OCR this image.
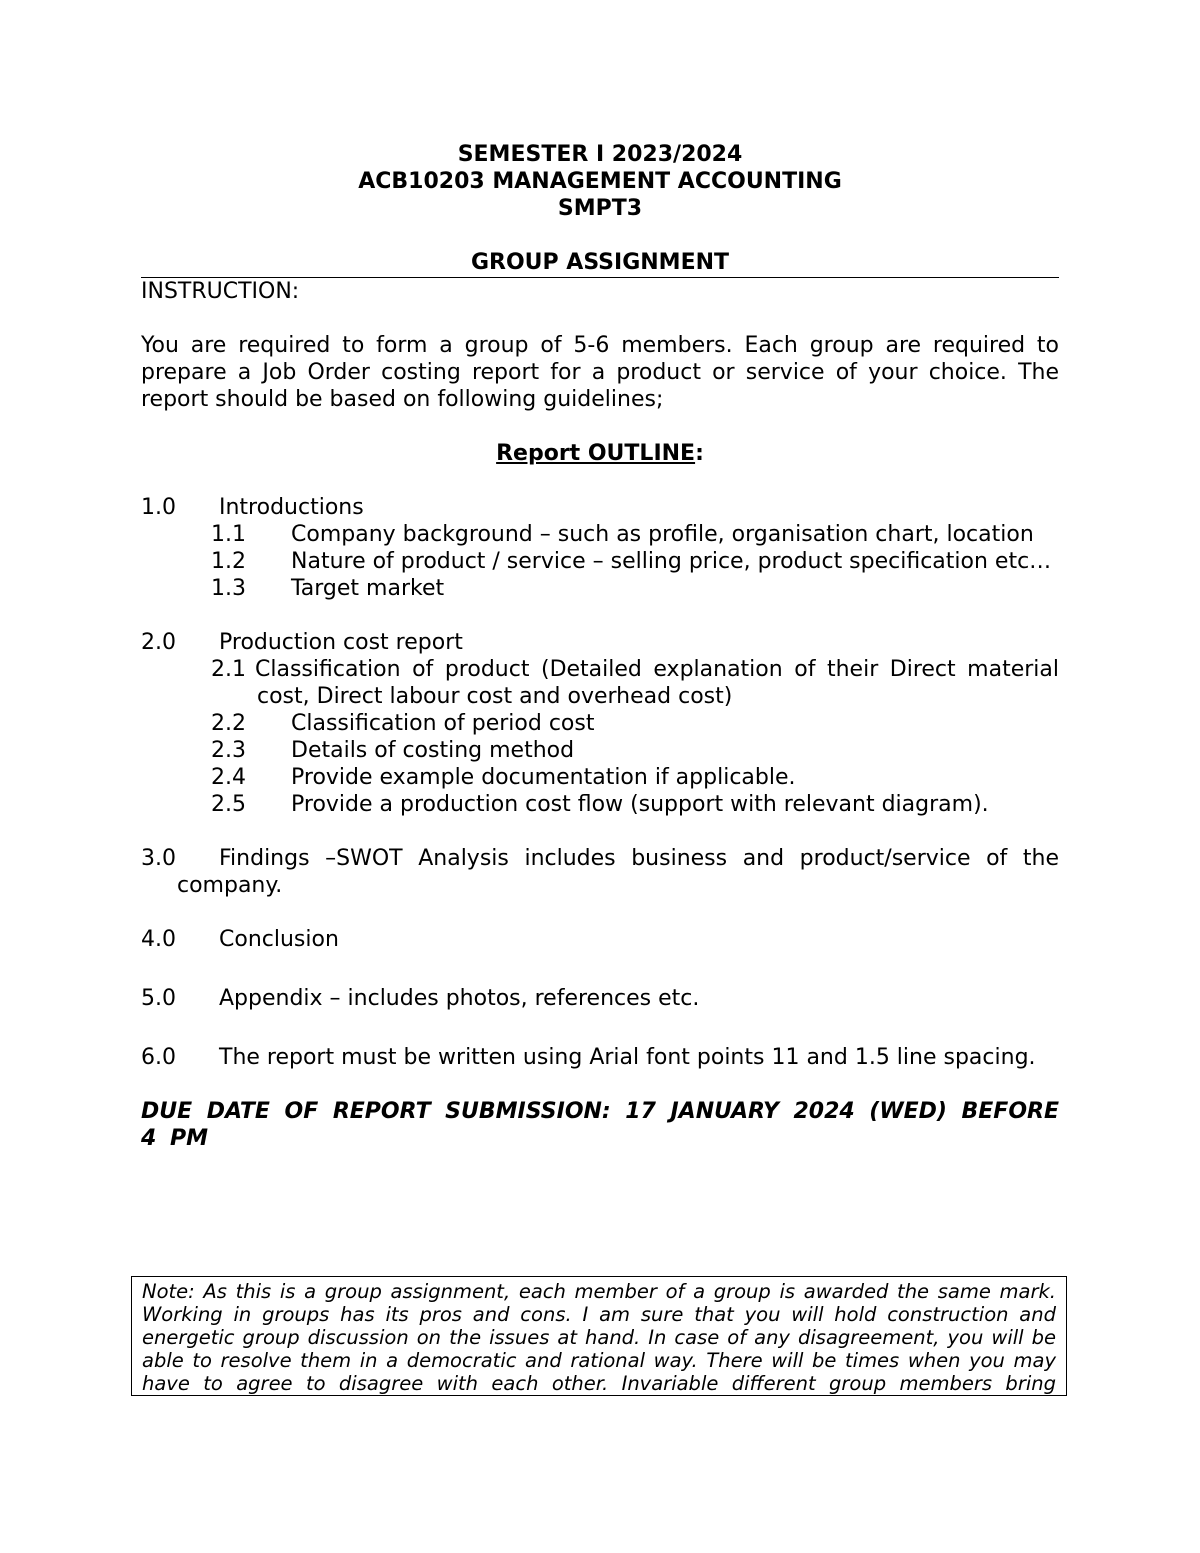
SEMESTER I 2023/2024
ACB10203 MANAGEMENT ACCOUNTING
SMPT3
GROUP ASSIGNMENT
INSTRUCTION:
You are required to form a group of 5-6 members. Each group are required to prepare a Job Order costing report for a product or service of your choice. The report should be based on following guidelines;
Report OUTLINE:
1.0 Introductions
1.1 Company background – such as profile, organisation chart, location
1.2 Nature of product / service – selling price, product specification etc…
1.3 Target market
2.0 Production cost report
2.1 Classification of product (Detailed explanation of their Direct material cost, Direct labour cost and overhead cost)
2.2 Classification of period cost
2.3 Details of costing method
2.4 Provide example documentation if applicable.
2.5 Provide a production cost flow (support with relevant diagram).
3.0 Findings –SWOT Analysis includes business and product/service of the company.
4.0 Conclusion
5.0 Appendix – includes photos, references etc.
6.0 The report must be written using Arial font points 11 and 1.5 line spacing.
DUE DATE OF REPORT SUBMISSION: 17 JANUARY 2024 (WED) BEFORE 4 PM
Note: As this is a group assignment, each member of a group is awarded the same mark. Working in groups has its pros and cons. I am sure that you will hold construction and energetic group discussion on the issues at hand. In case of any disagreement, you will be able to resolve them in a democratic and rational way. There will be times when you may have to agree to disagree with each other. Invariable different group members bring
